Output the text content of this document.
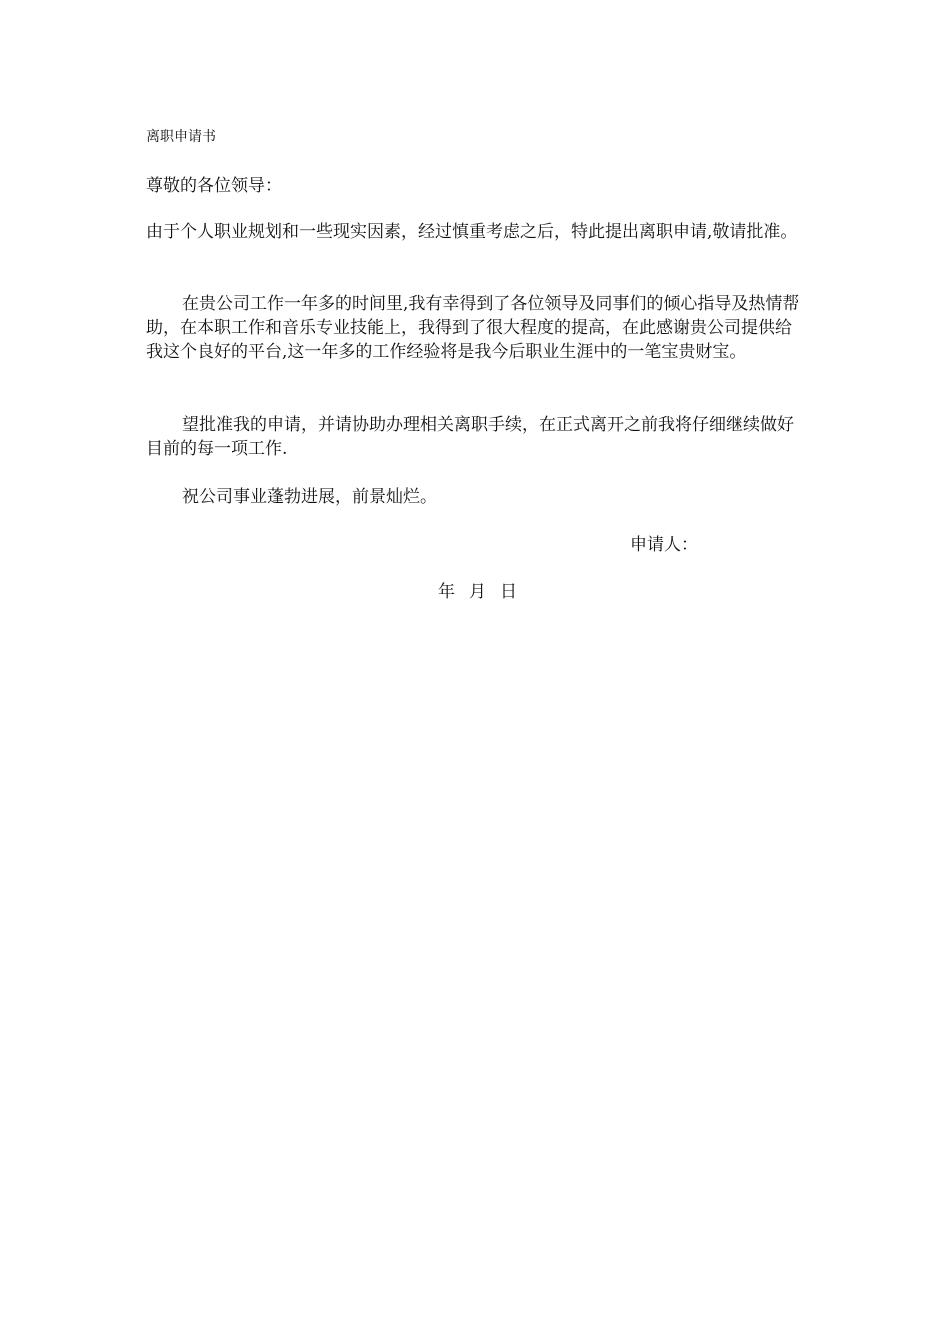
离职申请书
尊敬的各位领导：
由于个人职业规划和一些现实因素，经过慎重考虑之后，特此提出离职申请,敬请批准。
在贵公司工作一年多的时间里,我有幸得到了各位领导及同事们的倾心指导及热情帮助，在本职工作和音乐专业技能上，我得到了很大程度的提高，在此感谢贵公司提供给我这个良好的平台,这一年多的工作经验将是我今后职业生涯中的一笔宝贵财宝。
望批准我的申请，并请协助办理相关离职手续，在正式离开之前我将仔细继续做好目前的每一项工作.
祝公司事业蓬勃进展，前景灿烂。
申请人：
年 月 日
